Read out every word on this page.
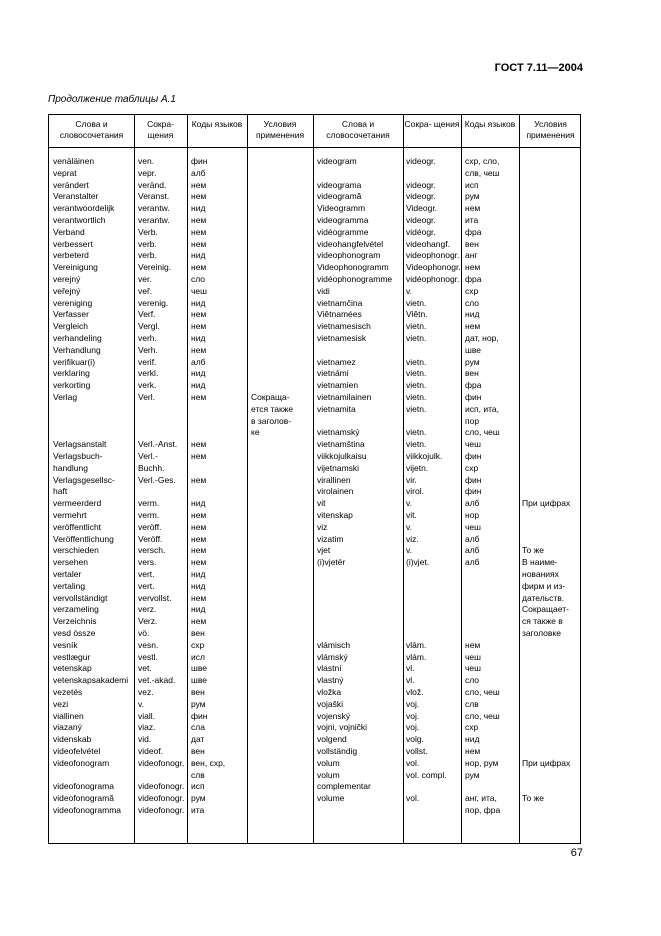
ГОСТ 7.11—2004
Продолжение таблицы А.1
Слова и словосочетания
Сокра- щения
Коды языков	Условия применения
Слова и словосочетания
Сокра- щения Коды языков	Условия применения
venäläinen
vеprat
verändert
Veranstalter
verantwoordelijk
verantwortlich
Verband
verbessert
verbeterd
Vereinigung
verejný
veřejný
vereniging
Verfasser
Vergleich
verhandeling
Verhandlung
verifikuar(i)
verklaring
verkorting
Verlag
Verlagsanstalt
Verlagsbuch-
handlung
Verlagsgesellsc-
haft
vermeerderd
vermehrt
veröffentlicht
Veröffentlichung
verschieden
versehen
vertaler
vertaling
vervollständigt
verzameling
Verzeichnis
vesd össze
vesník
vestlægur
vetenskap
vetenskapsakademi
vezetés
vezi
viallinen
viazaný
videnskab
videofelvétel
videofonogram
videofonograma
videofonogramă
videofonogramma
ven.
vepr.
veränd.
Veranst.
verantw.
verantw.
Verb.
verb.
verb.
Vereinig.
ver.
veř.
verenig.
Verf.
Vergl.
verh.
Verh.
verif.
verkl.
verk.
Verl.
Verl.-Anst.
Verl.-
Buchh.
Verl.-Ges.
verm.
verm.
veröff.
Veröff.
versch.
vers.
vert.
vert.
vervollst.
verz.
Verz.
vö.
vesn.
vestl.
vet.
vet.-akad.
vez.
v.
viall.
viaz.
vid.
videof.
videofonogr.
videofonogr.
videofonogr.
videofonogr.
фин
алб
нем
нем
нид
нем
нем
нем
нид
нем
сло
чеш
нид
нем
нем
нид
нем
алб
нид
нид
нем
нем
нем
нем
нид
нем
нем
нем
нем
нем
нид
нид
нем
нид
нем
вен
схр
исл
шве
шве
вен
рум
фин
сла
дат
вен
вен, схр,
слв
исп
рум
ита
Сокраща-
ется также
в заголов-
ке
videogram
videograma
videogramă
Videogramm
videogramma
vidéogramme
videohangfelvétel
videophonogram
Videophonogramm
vidéophonogramme
vidi
vietnamčina
Viêtnamées
vietnamesisch
vietnamesisk
vietnamez
vietnámi
vietnamien
vietnamilainen
vietnamita
vietnamský
vietnamština
viikkojulkaisu
vijetnamski
virallinen
virolainen
vit
vitenskap
viz
vizatim
vjet
(i)vjetër
vlámisch
vlámský
vlastní
vlastný
vložka
vojaški
vojenský
vojni, vojnički
volgend
vollständig
volum
volum
complementar
volume
videogr.
videogr.
videogr.
Videogr.
videogr.
vidéogr.
videohangf.
videophonogr.
Videophonogr.
vidéophonogr.
v.
vietn.
Viêtn.
vietn.
vietn.
vietn.
vietn.
vietn.
vietn.
vietn.
vietn.
vietn.
viikkojulk.
vijetn.
vir.
virol.
v.
vit.
v.
viz.
v.
(i)vjet.
vlām.
vlám.
vl.
vl.
vlož.
voj.
voj.
voj.
volg.
vollst.
vol.
vol. compl.
vol.
схр, сло,
слв, чеш
исп
рум
нем
ита
фра
вен
анг
нем
фра
схр
сло
нид
нем
дат, нор,
шве
рум
вен
фра
фин
исп, ита,
пор
сло, чеш
чеш
фин
схр
фин
фин
алб
нор
чеш
алб
алб
алб
нем
чеш
чеш
сло
сло, чеш
слв
сло, чеш
схр
нид
нем
нор, рум
рум
анг, ита,
пор, фра
При цифрах
То же
В наиме-
нованиях
фирм и из-
дательств.
Сокращает-
ся также в
заголовке
При цифрах
То же
67
